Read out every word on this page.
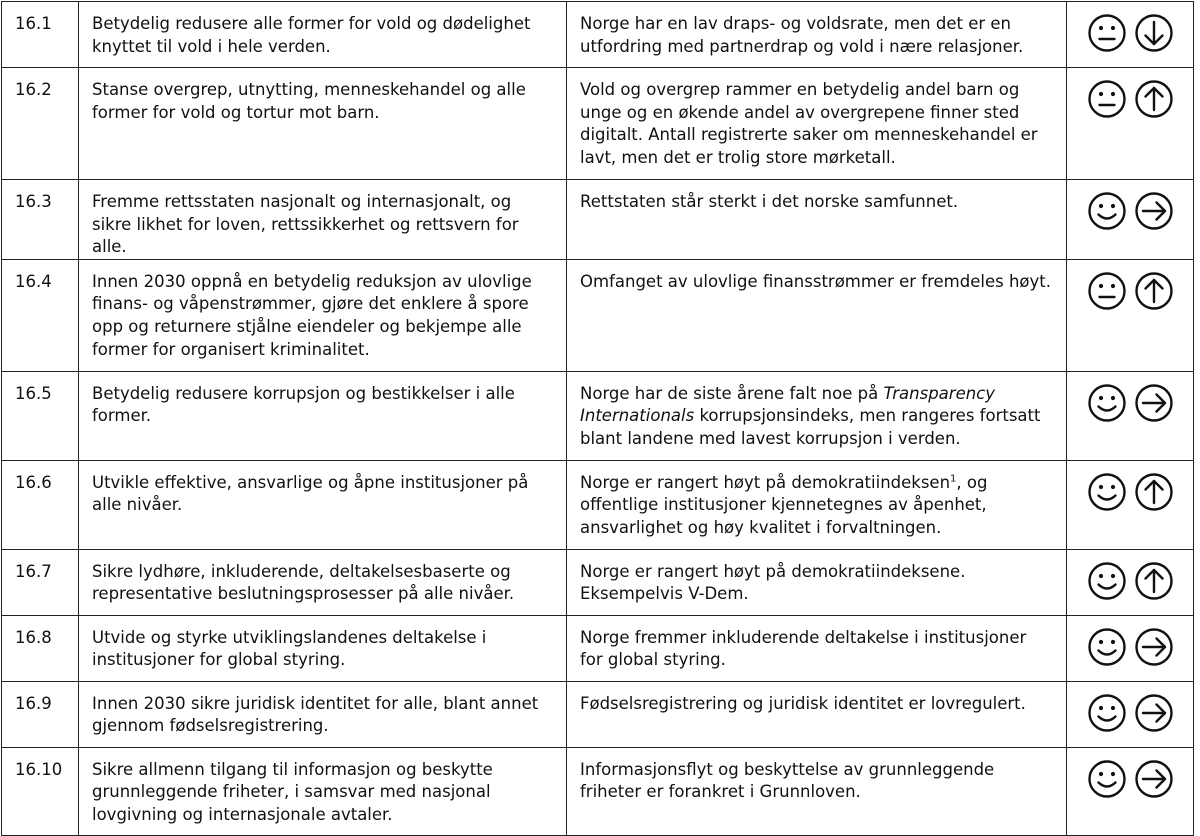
16.1	Betydelig redusere alle former for vold og dødelighet knyttet til vold i hele verden.	Norge har en lav draps- og voldsrate, men det er en utfordring med partnerdrap og vold i nære relasjoner.	

16.2	Stanse overgrep, utnytting, menneskehandel og alle former for vold og tortur mot barn.	Vold og overgrep rammer en betydelig andel barn og unge og en økende andel av overgrepene finner sted digitalt. Antall registrerte saker om menneskehandel er lavt, men det er trolig store mørketall.	

16.3	Fremme rettsstaten nasjonalt og internasjonalt, og sikre likhet for loven, rettssikkerhet og rettsvern for alle.	Rettstaten står sterkt i det norske samfunnet.	

16.4	Innen 2030 oppnå en betydelig reduksjon av ulovlige finans- og våpenstrømmer, gjøre det enklere å spore opp og returnere stjålne eiendeler og bekjempe alle former for organisert kriminalitet.	Omfanget av ulovlige finansstrømmer er fremdeles høyt.	

16.5	Betydelig redusere korrupsjon og bestikkelser i alle former.	Norge har de siste årene falt noe på Transparency Internationals korrupsjonsindeks, men rangeres fortsatt blant landene med lavest korrupsjon i verden.	

16.6	Utvikle effektive, ansvarlige og åpne institusjoner på alle nivåer.	Norge er rangert høyt på demokratiindeksen$^1$, og offentlige institusjoner kjennetegnes av åpenhet, ansvarlighet og høy kvalitet i forvaltningen.	

16.7	Sikre lydhøre, inkluderende, deltakelsesbaserte og representative beslutningsprosesser på alle nivåer.	Norge er rangert høyt på demokratiindeksene. Eksempelvis V-Dem.	

16.8	Utvide og styrke utviklingslandenes deltakelse i institusjoner for global styring.	Norge fremmer inkluderende deltakelse i institusjoner for global styring.	

16.9	Innen 2030 sikre juridisk identitet for alle, blant annet gjennom fødselsregistrering.	Fødselsregistrering og juridisk identitet er lovregulert.	

16.10	Sikre allmenn tilgang til informasjon og beskytte grunnleggende friheter, i samsvar med nasjonal lovgivning og internasjonale avtaler.	Informasjonsflyt og beskyttelse av grunnleggende friheter er forankret i Grunnloven.	
